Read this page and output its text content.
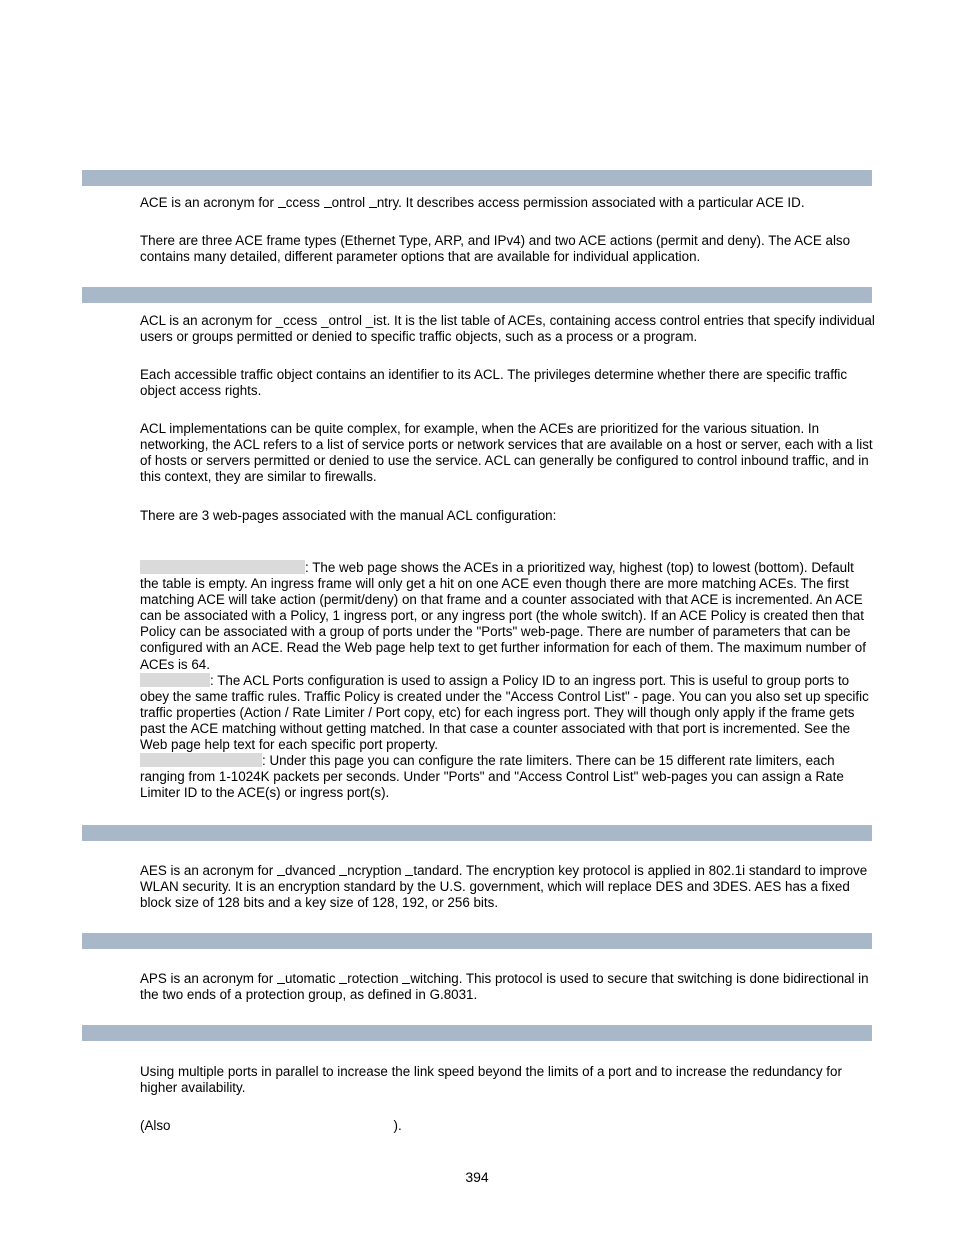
ACE is an acronym for ccess ontrol ntry. It describes access permission associated with a particular ACE ID.

There are three ACE frame types (Ethernet Type, ARP, and IPv4) and two ACE actions (permit and deny). The ACE also contains many detailed, different parameter options that are available for individual application.

ACL is an acronym for _ccess _ontrol _ist. It is the list table of ACEs, containing access control entries that specify individual users or groups permitted or denied to specific traffic objects, such as a process or a program.

Each accessible traffic object contains an identifier to its ACL. The privileges determine whether there are specific traffic object access rights.

ACL implementations can be quite complex, for example, when the ACEs are prioritized for the various situation. In networking, the ACL refers to a list of service ports or network services that are available on a host or server, each with a list of hosts or servers permitted or denied to use the service. ACL can generally be configured to control inbound traffic, and in this context, they are similar to firewalls.

There are 3 web-pages associated with the manual ACL configuration:

: The web page shows the ACEs in a prioritized way, highest (top) to lowest (bottom). Default the table is empty. An ingress frame will only get a hit on one ACE even though there are more matching ACEs. The first matching ACE will take action (permit/deny) on that frame and a counter associated with that ACE is incremented. An ACE can be associated with a Policy, 1 ingress port, or any ingress port (the whole switch). If an ACE Policy is created then that Policy can be associated with a group of ports under the "Ports" web-page. There are number of parameters that can be configured with an ACE. Read the Web page help text to get further information for each of them. The maximum number of ACEs is 64.
: The ACL Ports configuration is used to assign a Policy ID to an ingress port. This is useful to group ports to obey the same traffic rules. Traffic Policy is created under the "Access Control List" - page. You can you also set up specific traffic properties (Action / Rate Limiter / Port copy, etc) for each ingress port. They will though only apply if the frame gets past the ACE matching without getting matched. In that case a counter associated with that port is incremented. See the Web page help text for each specific port property.
: Under this page you can configure the rate limiters. There can be 15 different rate limiters, each ranging from 1-1024K packets per seconds. Under "Ports" and "Access Control List" web-pages you can assign a Rate Limiter ID to the ACE(s) or ingress port(s).

AES is an acronym for dvanced ncryption tandard. The encryption key protocol is applied in 802.1i standard to improve WLAN security. It is an encryption standard by the U.S. government, which will replace DES and 3DES. AES has a fixed block size of 128 bits and a key size of 128, 192, or 256 bits.

APS is an acronym for utomatic rotection witching. This protocol is used to secure that switching is done bidirectional in the two ends of a protection group, as defined in G.8031.

Using multiple ports in parallel to increase the link speed beyond the limits of a port and to increase the redundancy for higher availability.

(Also	).

394
